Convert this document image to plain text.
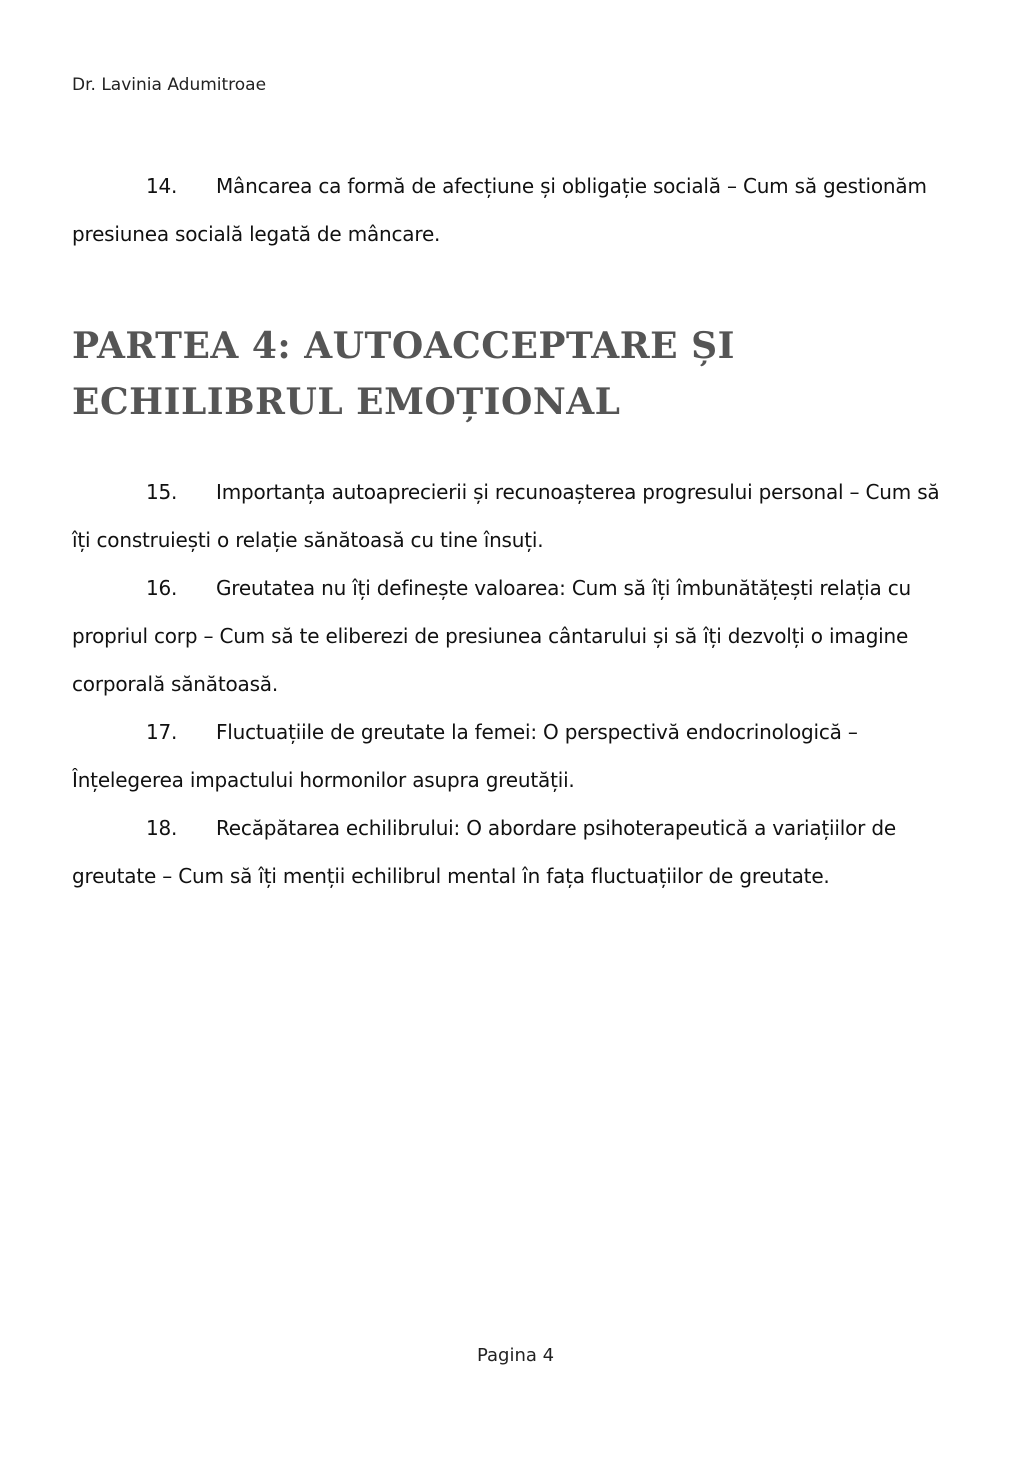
Dr. Lavinia Adumitroae

14. Mâncarea ca formă de afecțiune și obligație socială – Cum să gestionăm presiunea socială legată de mâncare.

PARTEA 4: AUTOACCEPTARE ȘI ECHILIBRUL EMOȚIONAL

15. Importanța autoaprecierii și recunoașterea progresului personal – Cum să îți construiești o relație sănătoasă cu tine însuți.

16. Greutatea nu îți definește valoarea: Cum să îți îmbunătățești relația cu propriul corp – Cum să te eliberezi de presiunea cântarului și să îți dezvolți o imagine corporală sănătoasă.

17. Fluctuațiile de greutate la femei: O perspectivă endocrinologică – Înțelegerea impactului hormonilor asupra greutății.

18. Recăpătarea echilibrului: O abordare psihoterapeutică a variațiilor de greutate – Cum să îți menții echilibrul mental în fața fluctuațiilor de greutate.

Pagina 4
